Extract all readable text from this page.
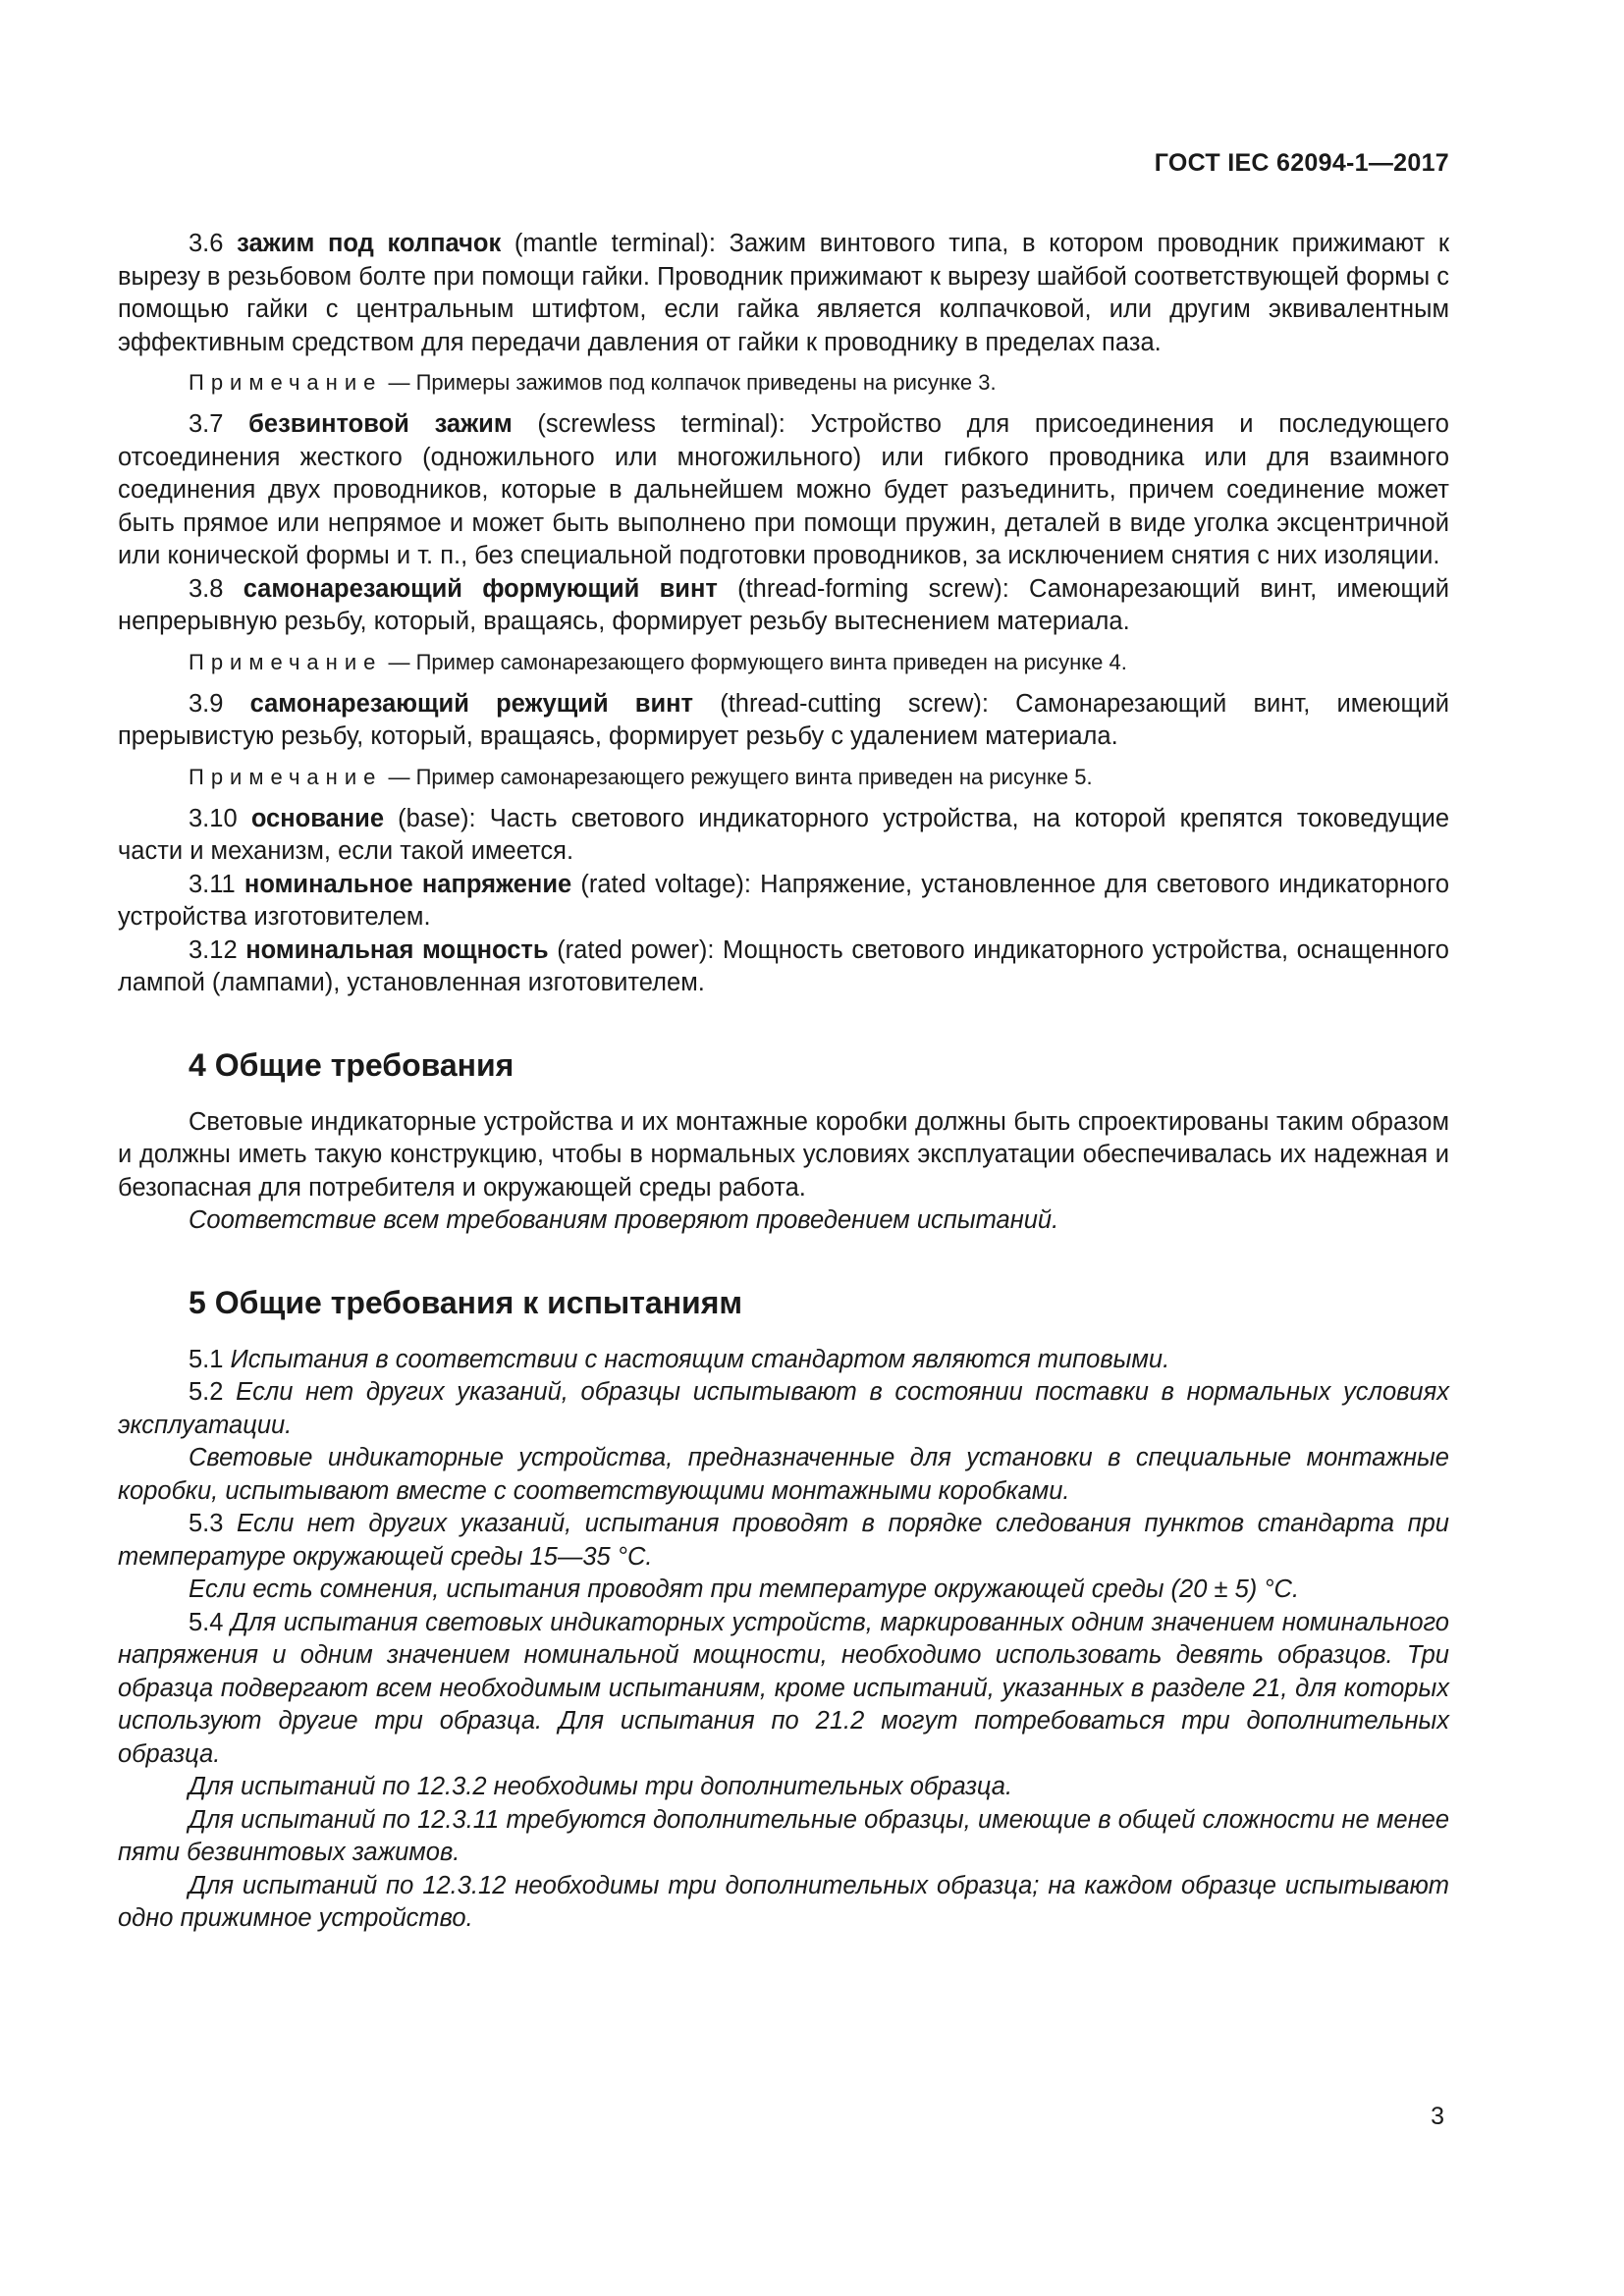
ГОСТ IEC 62094-1—2017

3.6 зажим под колпачок (mantle terminal): Зажим винтового типа, в котором проводник прижимают к вырезу в резьбовом болте при помощи гайки. Проводник прижимают к вырезу шайбой соответствующей формы с помощью гайки с центральным штифтом, если гайка является колпачковой, или другим эквивалентным эффективным средством для передачи давления от гайки к проводнику в пределах паза.

Примечание — Примеры зажимов под колпачок приведены на рисунке 3.

3.7 безвинтовой зажим (screwless terminal): Устройство для присоединения и последующего отсоединения жесткого (одножильного или многожильного) или гибкого проводника или для взаимного соединения двух проводников, которые в дальнейшем можно будет разъединить, причем соединение может быть прямое или непрямое и может быть выполнено при помощи пружин, деталей в виде уголка эксцентричной или конической формы и т. п., без специальной подготовки проводников, за исключением снятия с них изоляции.

3.8 самонарезающий формующий винт (thread-forming screw): Самонарезающий винт, имеющий непрерывную резьбу, который, вращаясь, формирует резьбу вытеснением материала.

Примечание — Пример самонарезающего формующего винта приведен на рисунке 4.

3.9 самонарезающий режущий винт (thread-cutting screw): Самонарезающий винт, имеющий прерывистую резьбу, который, вращаясь, формирует резьбу с удалением материала.

Примечание — Пример самонарезающего режущего винта приведен на рисунке 5.

3.10 основание (base): Часть светового индикаторного устройства, на которой крепятся токоведущие части и механизм, если такой имеется.

3.11 номинальное напряжение (rated voltage): Напряжение, установленное для светового индикаторного устройства изготовителем.

3.12 номинальная мощность (rated power): Мощность светового индикаторного устройства, оснащенного лампой (лампами), установленная изготовителем.

4 Общие требования

Световые индикаторные устройства и их монтажные коробки должны быть спроектированы таким образом и должны иметь такую конструкцию, чтобы в нормальных условиях эксплуатации обеспечивалась их надежная и безопасная для потребителя и окружающей среды работа.

Соответствие всем требованиям проверяют проведением испытаний.

5 Общие требования к испытаниям

5.1 Испытания в соответствии с настоящим стандартом являются типовыми.

5.2 Если нет других указаний, образцы испытывают в состоянии поставки в нормальных условиях эксплуатации.

Световые индикаторные устройства, предназначенные для установки в специальные монтажные коробки, испытывают вместе с соответствующими монтажными коробками.

5.3 Если нет других указаний, испытания проводят в порядке следования пунктов стандарта при температуре окружающей среды 15—35 °С.

Если есть сомнения, испытания проводят при температуре окружающей среды (20 ± 5) °С.

5.4 Для испытания световых индикаторных устройств, маркированных одним значением номинального напряжения и одним значением номинальной мощности, необходимо использовать девять образцов. Три образца подвергают всем необходимым испытаниям, кроме испытаний, указанных в разделе 21, для которых используют другие три образца. Для испытания по 21.2 могут потребоваться три дополнительных образца.

Для испытаний по 12.3.2 необходимы три дополнительных образца.

Для испытаний по 12.3.11 требуются дополнительные образцы, имеющие в общей сложности не менее пяти безвинтовых зажимов.

Для испытаний по 12.3.12 необходимы три дополнительных образца; на каждом образце испытывают одно прижимное устройство.

3
